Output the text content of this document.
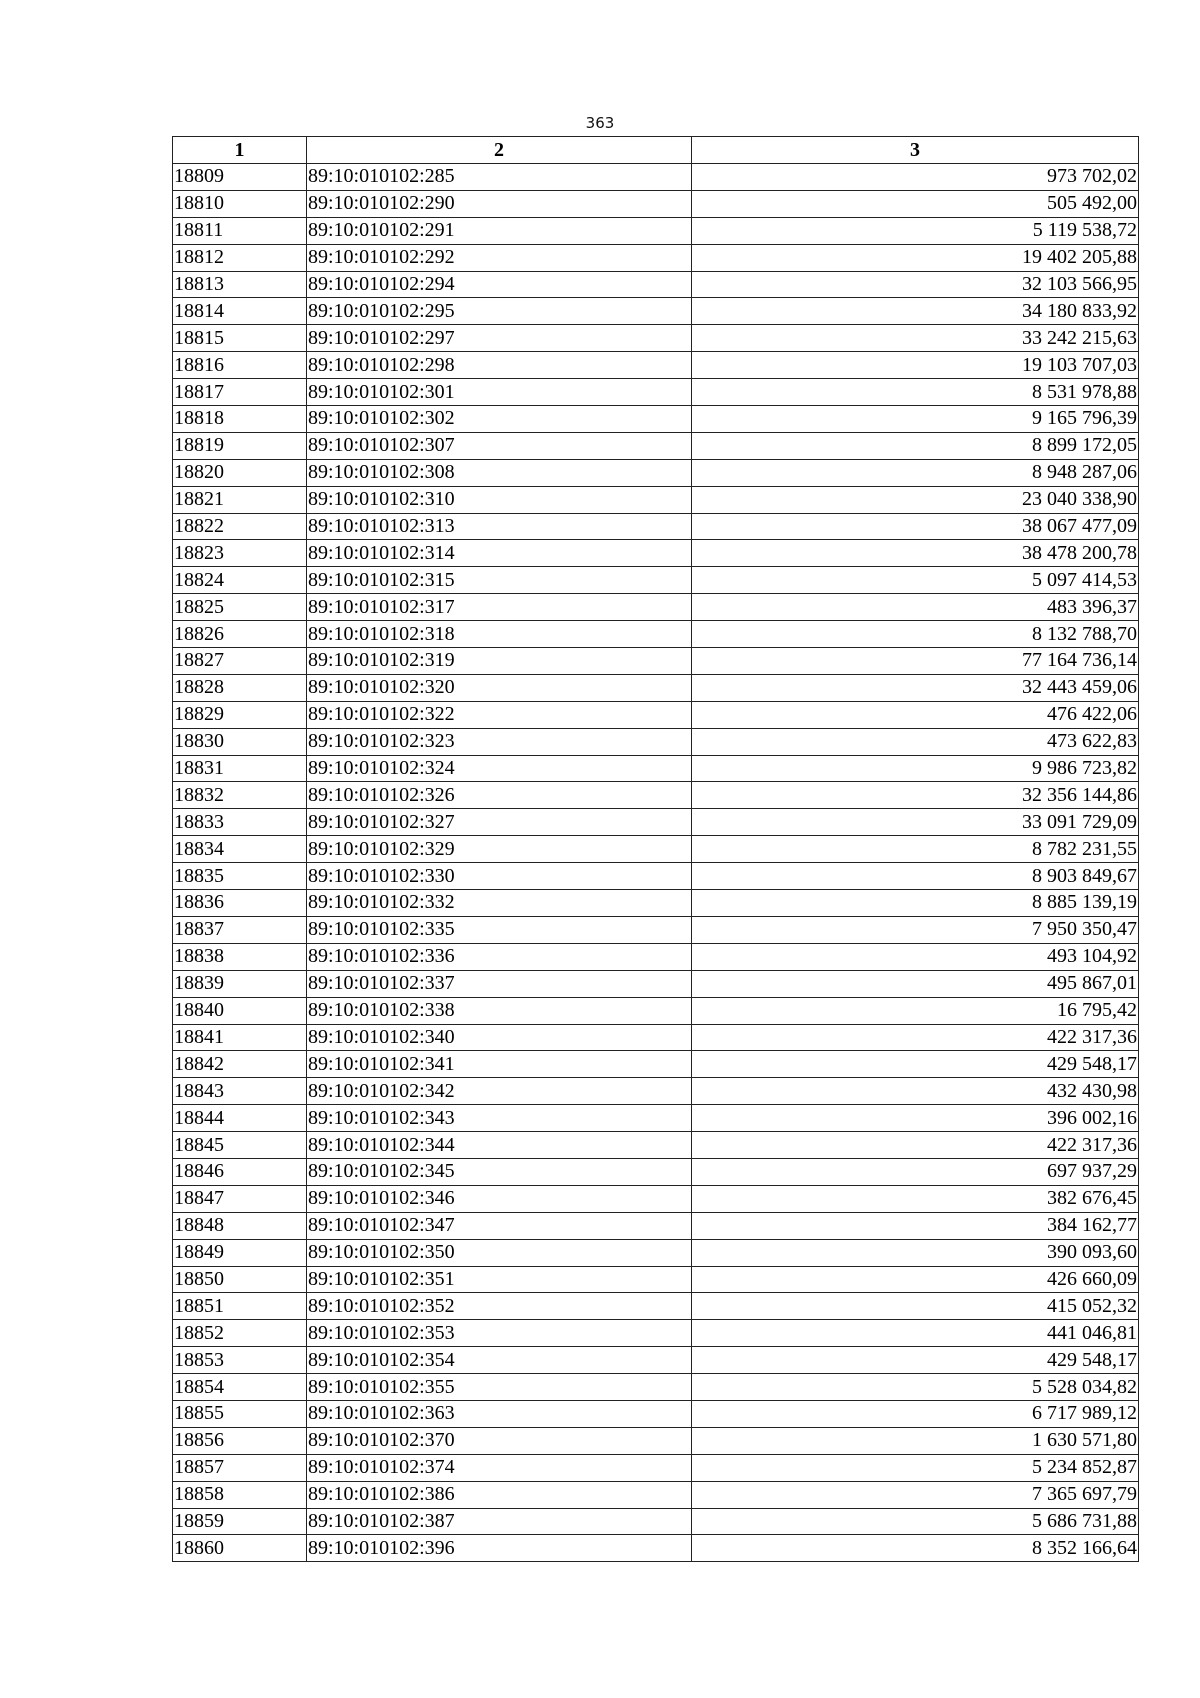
363
1	2	3
18809	89:10:010102:285	973 702,02
18810	89:10:010102:290	505 492,00
18811	89:10:010102:291	5 119 538,72
18812	89:10:010102:292	19 402 205,88
18813	89:10:010102:294	32 103 566,95
18814	89:10:010102:295	34 180 833,92
18815	89:10:010102:297	33 242 215,63
18816	89:10:010102:298	19 103 707,03
18817	89:10:010102:301	8 531 978,88
18818	89:10:010102:302	9 165 796,39
18819	89:10:010102:307	8 899 172,05
18820	89:10:010102:308	8 948 287,06
18821	89:10:010102:310	23 040 338,90
18822	89:10:010102:313	38 067 477,09
18823	89:10:010102:314	38 478 200,78
18824	89:10:010102:315	5 097 414,53
18825	89:10:010102:317	483 396,37
18826	89:10:010102:318	8 132 788,70
18827	89:10:010102:319	77 164 736,14
18828	89:10:010102:320	32 443 459,06
18829	89:10:010102:322	476 422,06
18830	89:10:010102:323	473 622,83
18831	89:10:010102:324	9 986 723,82
18832	89:10:010102:326	32 356 144,86
18833	89:10:010102:327	33 091 729,09
18834	89:10:010102:329	8 782 231,55
18835	89:10:010102:330	8 903 849,67
18836	89:10:010102:332	8 885 139,19
18837	89:10:010102:335	7 950 350,47
18838	89:10:010102:336	493 104,92
18839	89:10:010102:337	495 867,01
18840	89:10:010102:338	16 795,42
18841	89:10:010102:340	422 317,36
18842	89:10:010102:341	429 548,17
18843	89:10:010102:342	432 430,98
18844	89:10:010102:343	396 002,16
18845	89:10:010102:344	422 317,36
18846	89:10:010102:345	697 937,29
18847	89:10:010102:346	382 676,45
18848	89:10:010102:347	384 162,77
18849	89:10:010102:350	390 093,60
18850	89:10:010102:351	426 660,09
18851	89:10:010102:352	415 052,32
18852	89:10:010102:353	441 046,81
18853	89:10:010102:354	429 548,17
18854	89:10:010102:355	5 528 034,82
18855	89:10:010102:363	6 717 989,12
18856	89:10:010102:370	1 630 571,80
18857	89:10:010102:374	5 234 852,87
18858	89:10:010102:386	7 365 697,79
18859	89:10:010102:387	5 686 731,88
18860	89:10:010102:396	8 352 166,64
